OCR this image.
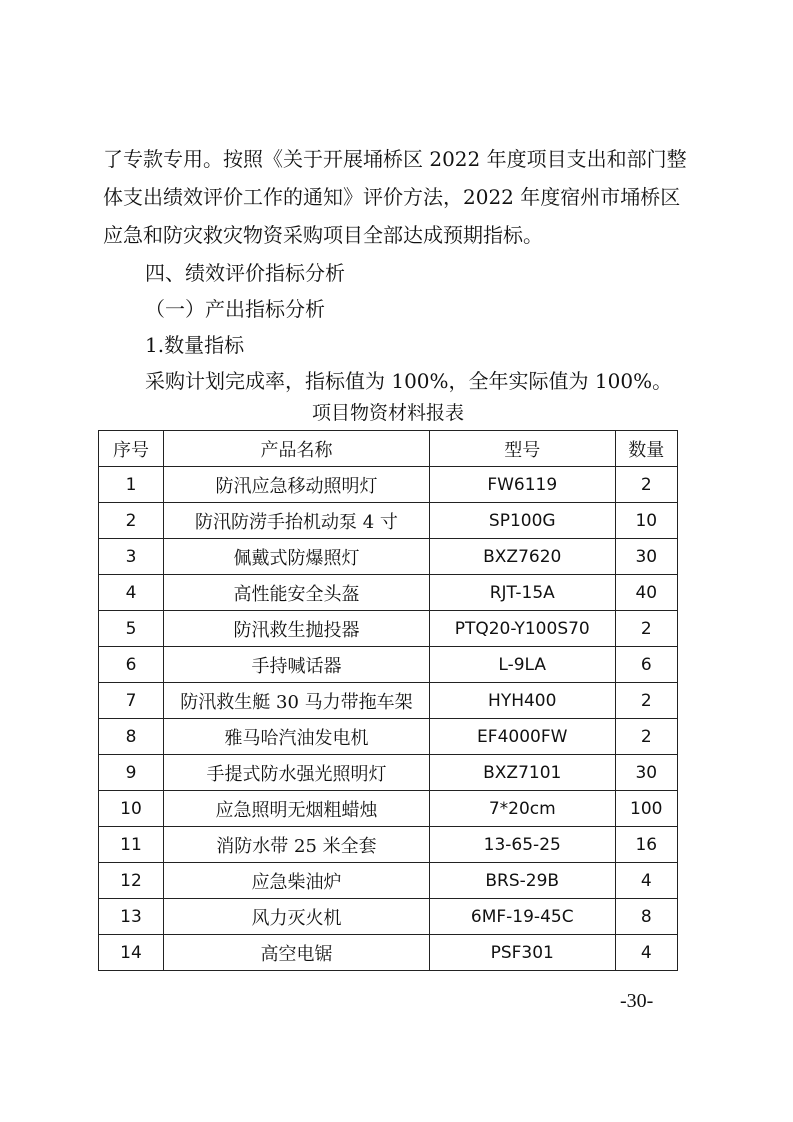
了专款专用。按照《关于开展埇桥区 2022 年度项目支出和部门整

体支出绩效评价工作的通知》评价方法，2022 年度宿州市埇桥区

应急和防灾救灾物资采购项目全部达成预期指标。

四、绩效评价指标分析

（一）产出指标分析

1.数量指标

采购计划完成率，指标值为 100%，全年实际值为 100%。

项目物资材料报表

序号	产品名称	型号	数量
1	防汛应急移动照明灯	FW6119	2
2	防汛防涝手抬机动泵 4 寸	SP100G	10
3	佩戴式防爆照灯	BXZ7620	30
4	高性能安全头盔	RJT-15A	40
5	防汛救生抛投器	PTQ20-Y100S70	2
6	手持喊话器	L-9LA	6
7	防汛救生艇 30 马力带拖车架	HYH400	2
8	雅马哈汽油发电机	EF4000FW	2
9	手提式防水强光照明灯	BXZ7101	30
10	应急照明无烟粗蜡烛	7*20cm	100
11	消防水带 25 米全套	13-65-25	16
12	应急柴油炉	BRS-29B	4
13	风力灭火机	6MF-19-45C	8
14	高空电锯	PSF301	4
-30-
